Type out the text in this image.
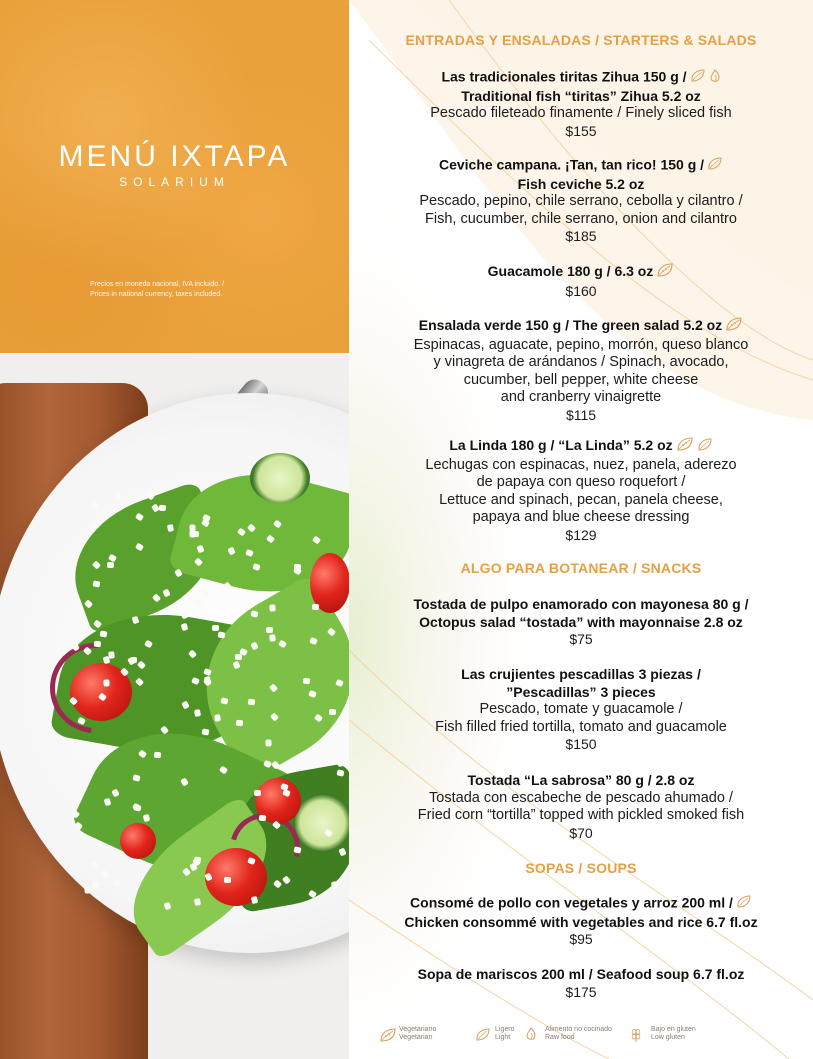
MENÚ IXTAPA
SOLARIUM
Precios en moneda nacional, IVA incluido. /
Prices in national currency, taxes included.
ENTRADAS Y ENSALADAS / STARTERS & SALADS
Las tradicionales tiritas Zihua 150 g /
Traditional fish “tiritas” Zihua 5.2 oz
Pescado fileteado finamente / Finely sliced fish
$155
Ceviche campana. ¡Tan, tan rico! 150 g /
Fish ceviche 5.2 oz
Pescado, pepino, chile serrano, cebolla y cilantro /
Fish, cucumber, chile serrano, onion and cilantro
$185
Guacamole 180 g / 6.3 oz
$160
Ensalada verde 150 g / The green salad 5.2 oz
Espinacas, aguacate, pepino, morrón, queso blanco
y vinagreta de arándanos / Spinach, avocado,
cucumber, bell pepper, white cheese
and cranberry vinaigrette
$115
La Linda 180 g / “La Linda” 5.2 oz
Lechugas con espinacas, nuez, panela, aderezo
de papaya con queso roquefort /
Lettuce and spinach, pecan, panela cheese,
papaya and blue cheese dressing
$129
ALGO PARA BOTANEAR / SNACKS
Tostada de pulpo enamorado con mayonesa 80 g /
Octopus salad “tostada” with mayonnaise 2.8 oz
$75
Las crujientes pescadillas 3 piezas /
”Pescadillas” 3 pieces
Pescado, tomate y guacamole /
Fish filled fried tortilla, tomato and guacamole
$150
Tostada “La sabrosa” 80 g / 2.8 oz
Tostada con escabeche de pescado ahumado /
Fried corn “tortilla” topped with pickled smoked fish
$70
SOPAS / SOUPS
Consomé de pollo con vegetales y arroz 200 ml /
Chicken consommé with vegetables and rice 6.7 fl.oz
$95
Sopa de mariscos 200 ml / Seafood soup 6.7 fl.oz
$175
Vegetariano
Vegetarian
Ligero
Light
Alimento no cocinado
Raw food
Bajo en gluten
Low gluten
